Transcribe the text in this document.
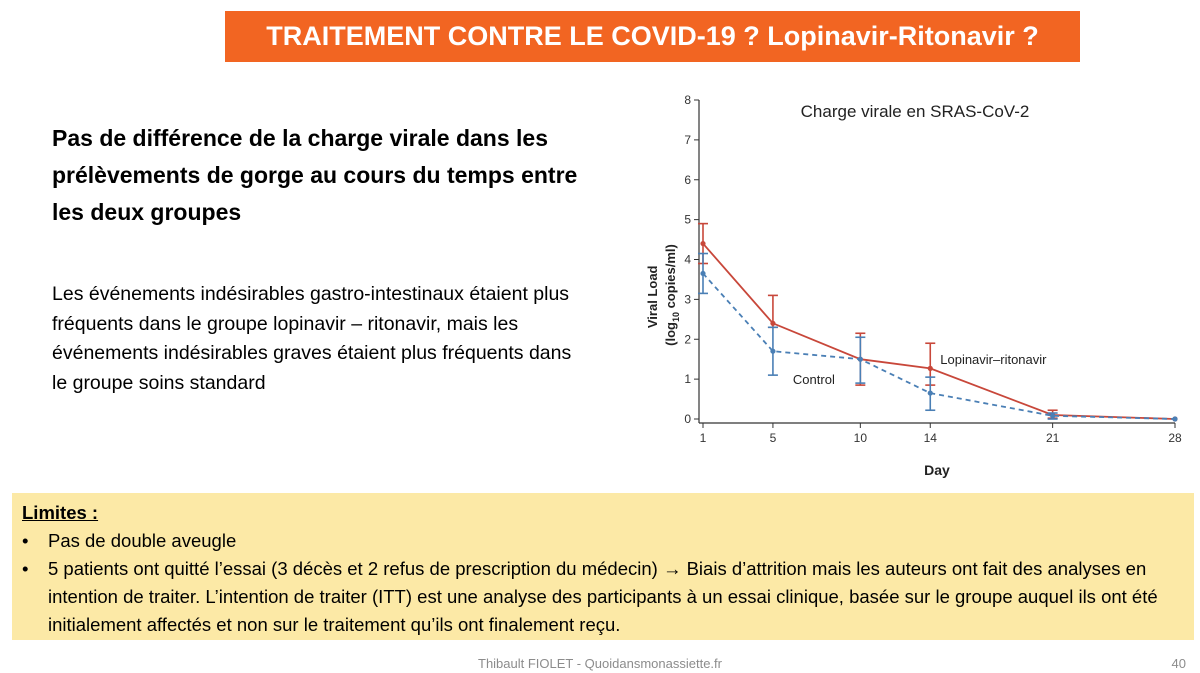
TRAITEMENT CONTRE LE COVID-19 ? Lopinavir-Ritonavir ?
Pas de différence de la charge virale dans les prélèvements de gorge au cours du temps entre les deux groupes
Les événements indésirables gastro-intestinaux étaient plus fréquents dans le groupe lopinavir – ritonavir, mais les événements indésirables graves étaient plus fréquents dans le groupe soins standard
0
1
2
3
4
5
6
7
8
1	5	10	14	21	28
Charge virale en SRAS-CoV-2
Viral Load ($\log_{10}$ copies/ml)
Day
Lopinavir–ritonavir
Control
Limites :
• Pas de double aveugle
• 5 patients ont quitté l’essai (3 décès et 2 refus de prescription du médecin) → Biais d’attrition mais les auteurs ont fait des analyses en intention de traiter. L’intention de traiter (ITT) est une analyse des participants à un essai clinique, basée sur le groupe auquel ils ont été initialement affectés et non sur le traitement qu’ils ont finalement reçu.
Thibault FIOLET - Quoidansmonassiette.fr	40
